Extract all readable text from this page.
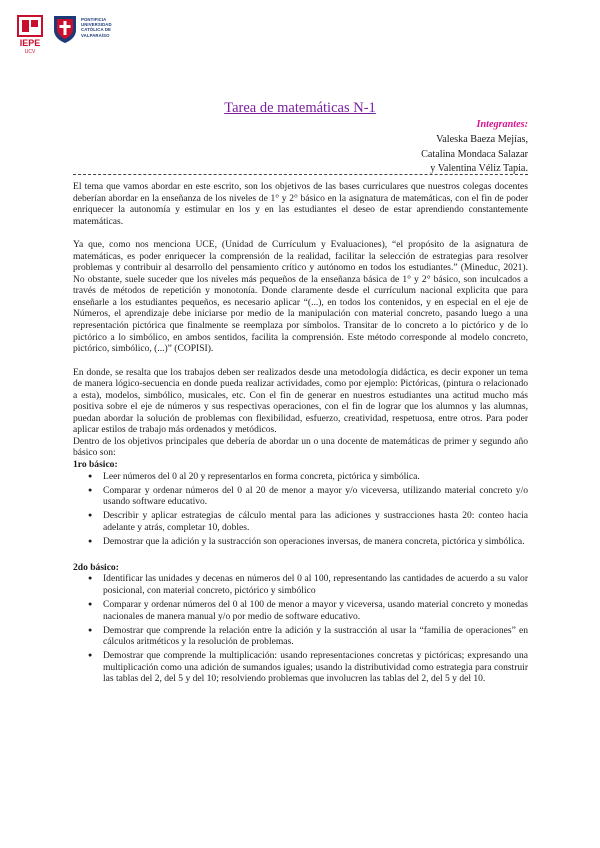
IEPE
UCV
PONTIFICIA
UNIVERSIDAD
CATÓLICA DE
VALPARAÍSO
Tarea de matemáticas N-1
Integrantes:
Valeska Baeza Mejías,
Catalina Mondaca Salazar
y Valentina Véliz Tapia.

El tema que vamos abordar en este escrito, son los objetivos de las bases curriculares que nuestros colegas docentes deberían abordar en la enseñanza de los niveles de 1° y 2° básico en la asignatura de matemáticas, con el fin de poder enriquecer la autonomía y estimular en los y en las estudiantes el deseo de estar aprendiendo constantemente matemáticas.

Ya que, como nos menciona UCE, (Unidad de Currículum y Evaluaciones), “el propósito de la asignatura de matemáticas, es poder enriquecer la comprensión de la realidad, facilitar la selección de estrategias para resolver problemas y contribuir al desarrollo del pensamiento crítico y autónomo en todos los estudiantes.” (Mineduc, 2021). No obstante, suele suceder que los niveles más pequeños de la enseñanza básica de 1° y 2° básico, son inculcados a través de métodos de repetición y monotonía. Donde claramente desde el currículum nacional explicita que para enseñarle a los estudiantes pequeños, es necesario aplicar “(...), en todos los contenidos, y en especial en el eje de Números, el aprendizaje debe iniciarse por medio de la manipulación con material concreto, pasando luego a una representación pictórica que finalmente se reemplaza por símbolos. Transitar de lo concreto a lo pictórico y de lo pictórico a lo simbólico, en ambos sentidos, facilita la comprensión. Este método corresponde al modelo concreto, pictórico, simbólico, (...)” (COPISI).

En donde, se resalta que los trabajos deben ser realizados desde una metodología didáctica, es decir exponer un tema de manera lógico-secuencia en donde pueda realizar actividades, como por ejemplo: Pictóricas, (pintura o relacionado a esta), modelos, simbólico, musicales, etc. Con el fin de generar en nuestros estudiantes una actitud mucho más positiva sobre el eje de números y sus respectivas operaciones, con el fin de lograr que los alumnos y las alumnas, puedan abordar la solución de problemas con flexibilidad, esfuerzo, creatividad, respetuosa, entre otros. Para poder aplicar estilos de trabajo más ordenados y metódicos.

Dentro de los objetivos principales que debería de abordar un o una docente de matemáticas de primer y segundo año básico son:

1ro básico:
● Leer números del 0 al 20 y representarlos en forma concreta, pictórica y simbólica.
● Comparar y ordenar números del 0 al 20 de menor a mayor y/o viceversa, utilizando material concreto y/o usando software educativo.
● Describir y aplicar estrategias de cálculo mental para las adiciones y sustracciones hasta 20: conteo hacia adelante y atrás, completar 10, dobles.
● Demostrar que la adición y la sustracción son operaciones inversas, de manera concreta, pictórica y simbólica.
2do básico:
● Identificar las unidades y decenas en números del 0 al 100, representando las cantidades de acuerdo a su valor posicional, con material concreto, pictórico y simbólico
● Comparar y ordenar números del 0 al 100 de menor a mayor y viceversa, usando material concreto y monedas nacionales de manera manual y/o por medio de software educativo.
● Demostrar que comprende la relación entre la adición y la sustracción al usar la “familia de operaciones” en cálculos aritméticos y la resolución de problemas.
● Demostrar que comprende la multiplicación: usando representaciones concretas y pictóricas; expresando una multiplicación como una adición de sumandos iguales; usando la distributividad como estrategia para construir las tablas del 2, del 5 y del 10; resolviendo problemas que involucren las tablas del 2, del 5 y del 10.
